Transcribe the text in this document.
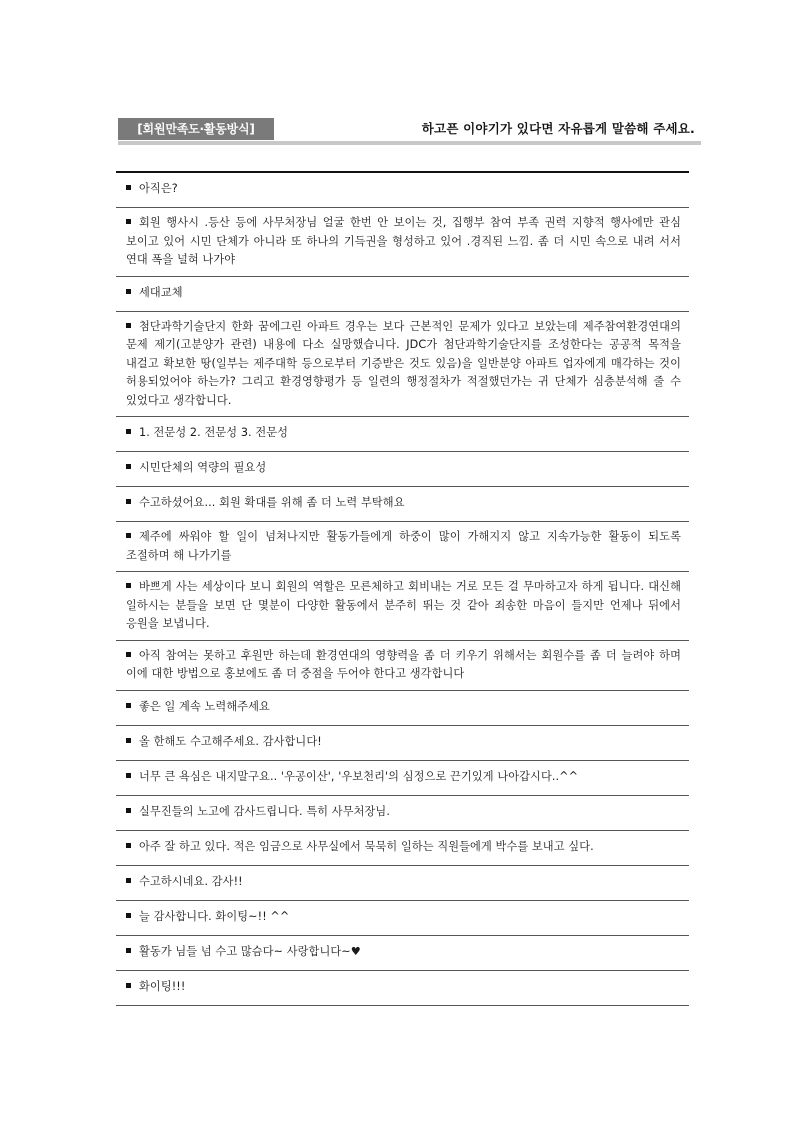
[회원만족도·활동방식]	하고픈 이야기가 있다면 자유롭게 말씀해 주세요.
아직은?
회원 행사시 .등산 등에 사무처장님 얼굴 한번 안 보이는 것, 집행부 참여 부족 권력 지향적 행사에만 관심 보이고 있어 시민 단체가 아니라 또 하나의 기득권을 형성하고 있어 .경직된 느낌. 좀 더 시민 속으로 내려 서서 연대 폭을 널혀 나가야
세대교체
첨단과학기술단지 한화 꿈에그린 아파트 경우는 보다 근본적인 문제가 있다고 보았는데 제주참여환경연대의 문제 제기(고분양가 관련) 내용에 다소 실망했습니다. JDC가 첨단과학기술단지를 조성한다는 공공적 목적을 내걸고 확보한 땅(일부는 제주대학 등으로부터 기증받은 것도 있음)을 일반분양 아파트 업자에게 매각하는 것이 허용되었어야 하는가? 그리고 환경영향평가 등 일련의 행정절차가 적절했던가는 귀 단체가 심층분석해 줄 수 있었다고 생각합니다.
1. 전문성 2. 전문성 3. 전문성
시민단체의 역량의 필요성
수고하셨어요... 회원 확대를 위해 좀 더 노력 부탁해요
제주에 싸워야 할 일이 넘쳐나지만 활동가들에게 하중이 많이 가해지지 않고 지속가능한 활동이 되도록 조절하며 해 나가기를
바쁘게 사는 세상이다 보니 회원의 역할은 모른체하고 회비내는 거로 모든 걸 무마하고자 하게 됩니다. 대신해 일하시는 분들을 보면 단 몇분이 다양한 활동에서 분주히 뛰는 것 같아 죄송한 마음이 들지만 언제나 뒤에서 응원을 보냅니다.
아직 참여는 못하고 후원만 하는데 환경연대의 영향력을 좀 더 키우기 위해서는 회원수를 좀 더 늘려야 하며 이에 대한 방법으로 홍보에도 좀 더 중점을 두어야 한다고 생각합니다
좋은 일 계속 노력해주세요
올 한해도 수고해주세요. 감사합니다!
너무 큰 욕심은 내지말구요.. '우공이산', '우보천리'의 심정으로 끈기있게 나아갑시다..^^
실무진들의 노고에 감사드립니다. 특히 사무처장님.
아주 잘 하고 있다. 적은 임금으로 사무실에서 묵묵히 일하는 직원들에게 박수를 보내고 싶다.
수고하시네요. 감사!!
늘 감사합니다. 화이팅~!! ^^
활동가 님들 넘 수고 많슴다~ 사랑합니다~♥
화이팅!!!
